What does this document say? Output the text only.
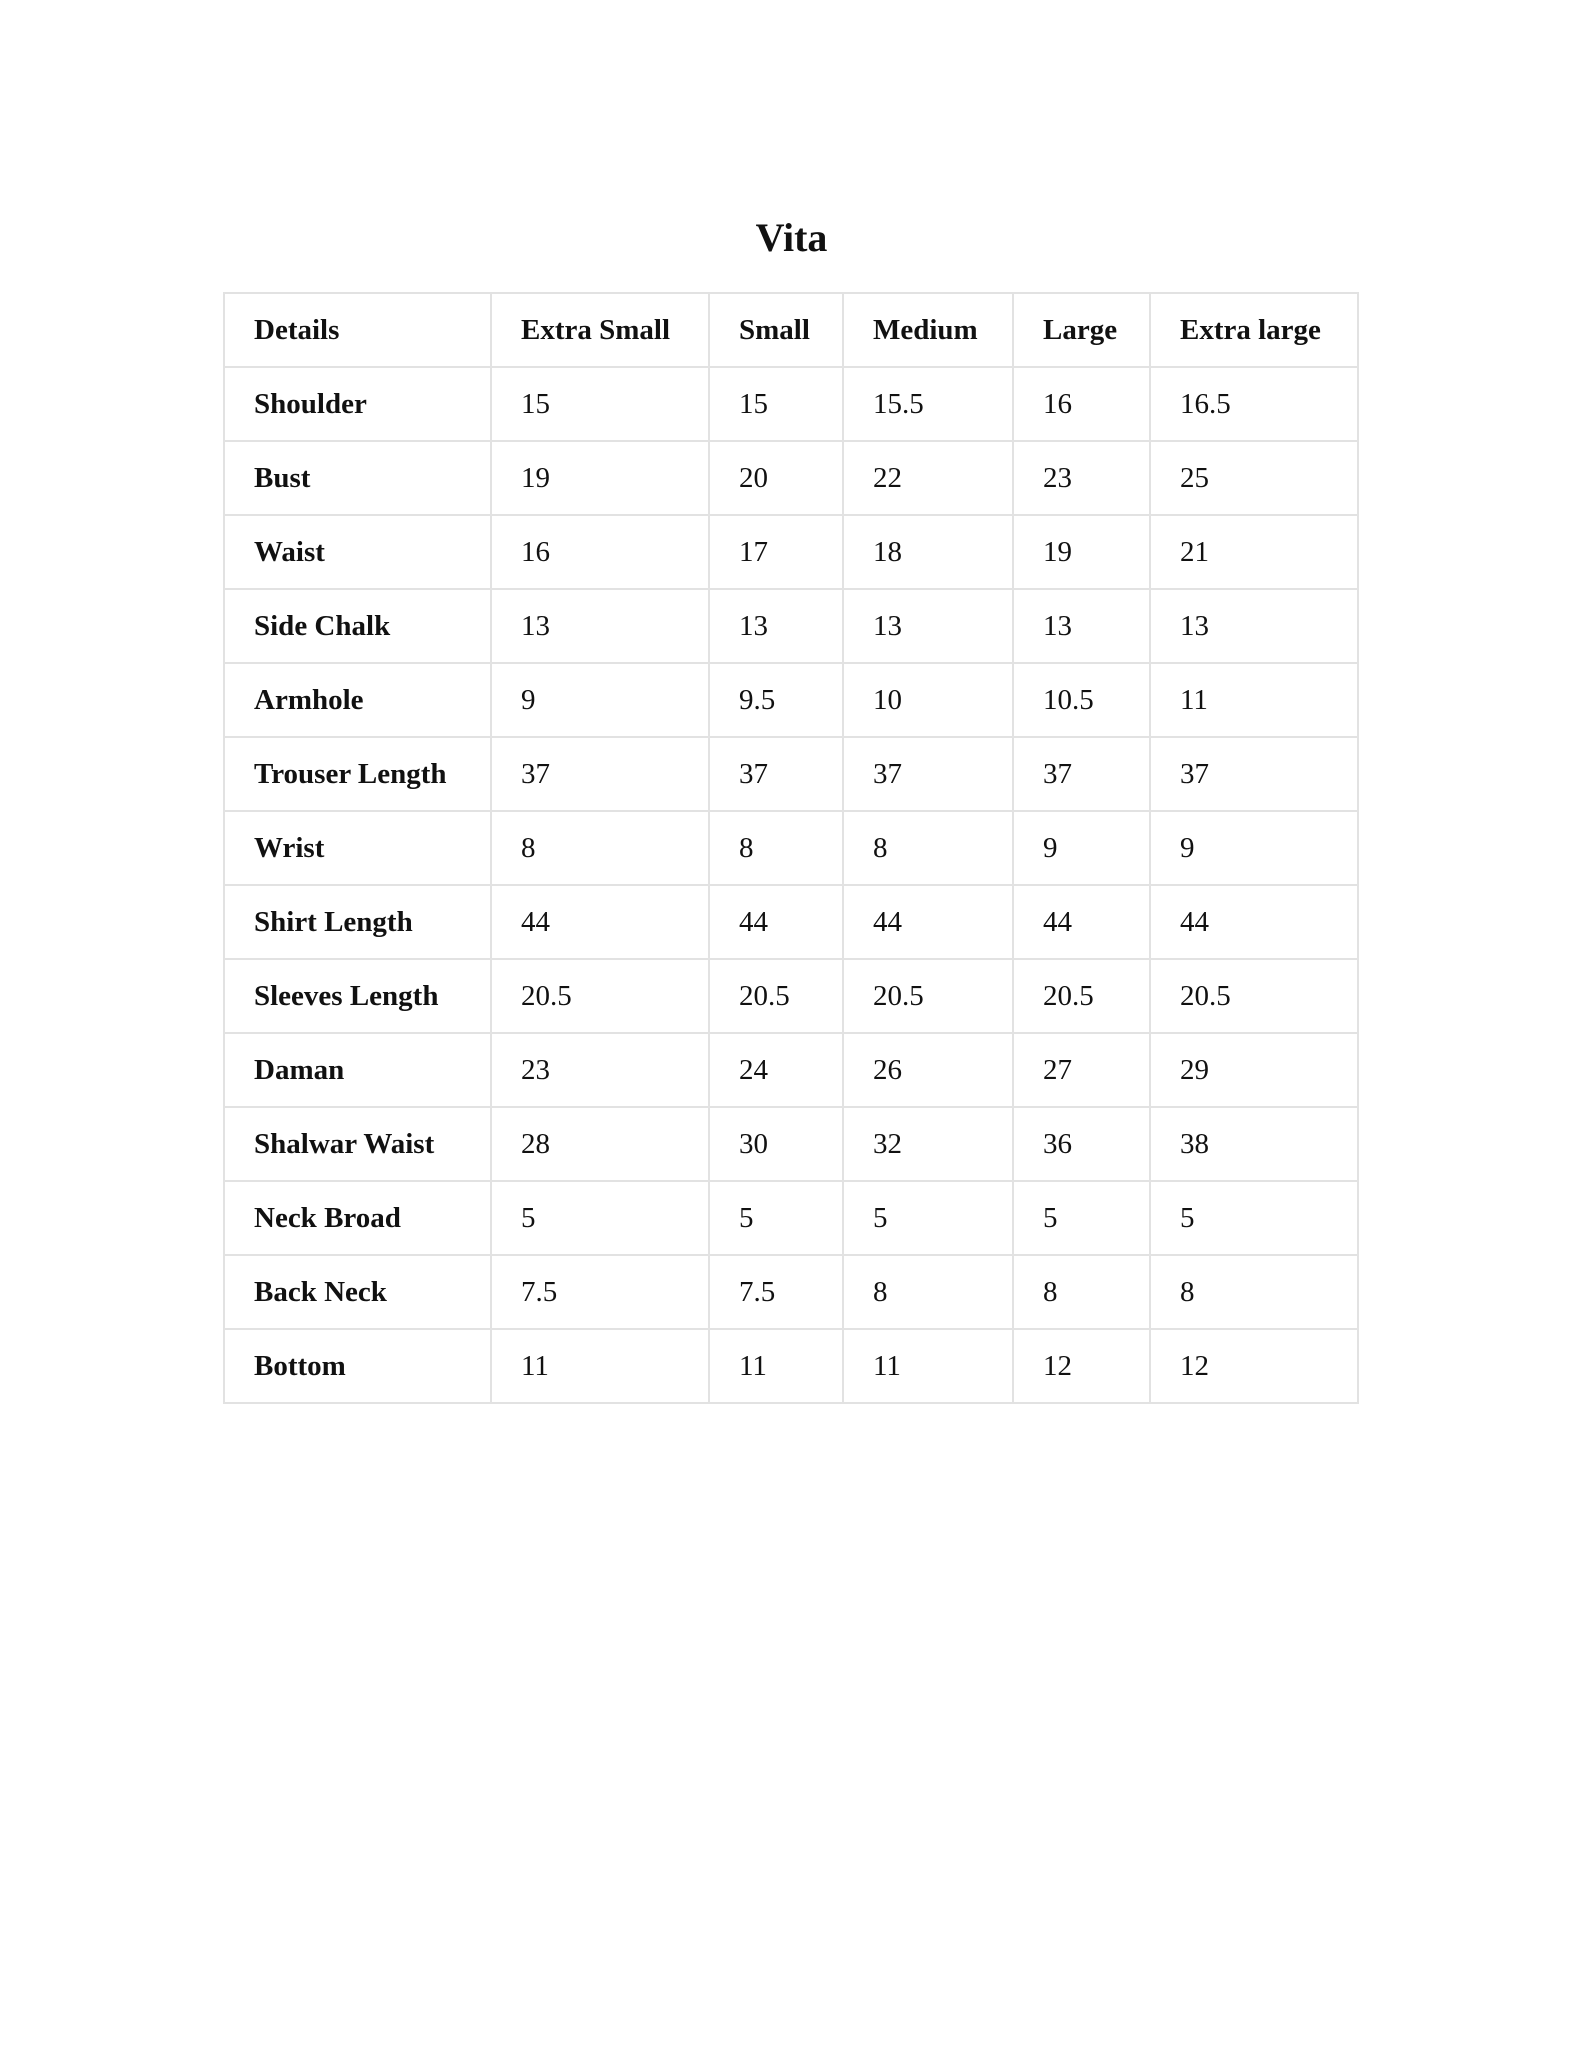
Vita
Details	Extra Small	Small	Medium	Large	Extra large
Shoulder	15	15	15.5	16	16.5
Bust	19	20	22	23	25
Waist	16	17	18	19	21
Side Chalk	13	13	13	13	13
Armhole	9	9.5	10	10.5	11
Trouser Length	37	37	37	37	37
Wrist	8	8	8	9	9
Shirt Length	44	44	44	44	44
Sleeves Length	20.5	20.5	20.5	20.5	20.5
Daman	23	24	26	27	29
Shalwar Waist	28	30	32	36	38
Neck Broad	5	5	5	5	5
Back Neck	7.5	7.5	8	8	8
Bottom	11	11	11	12	12
